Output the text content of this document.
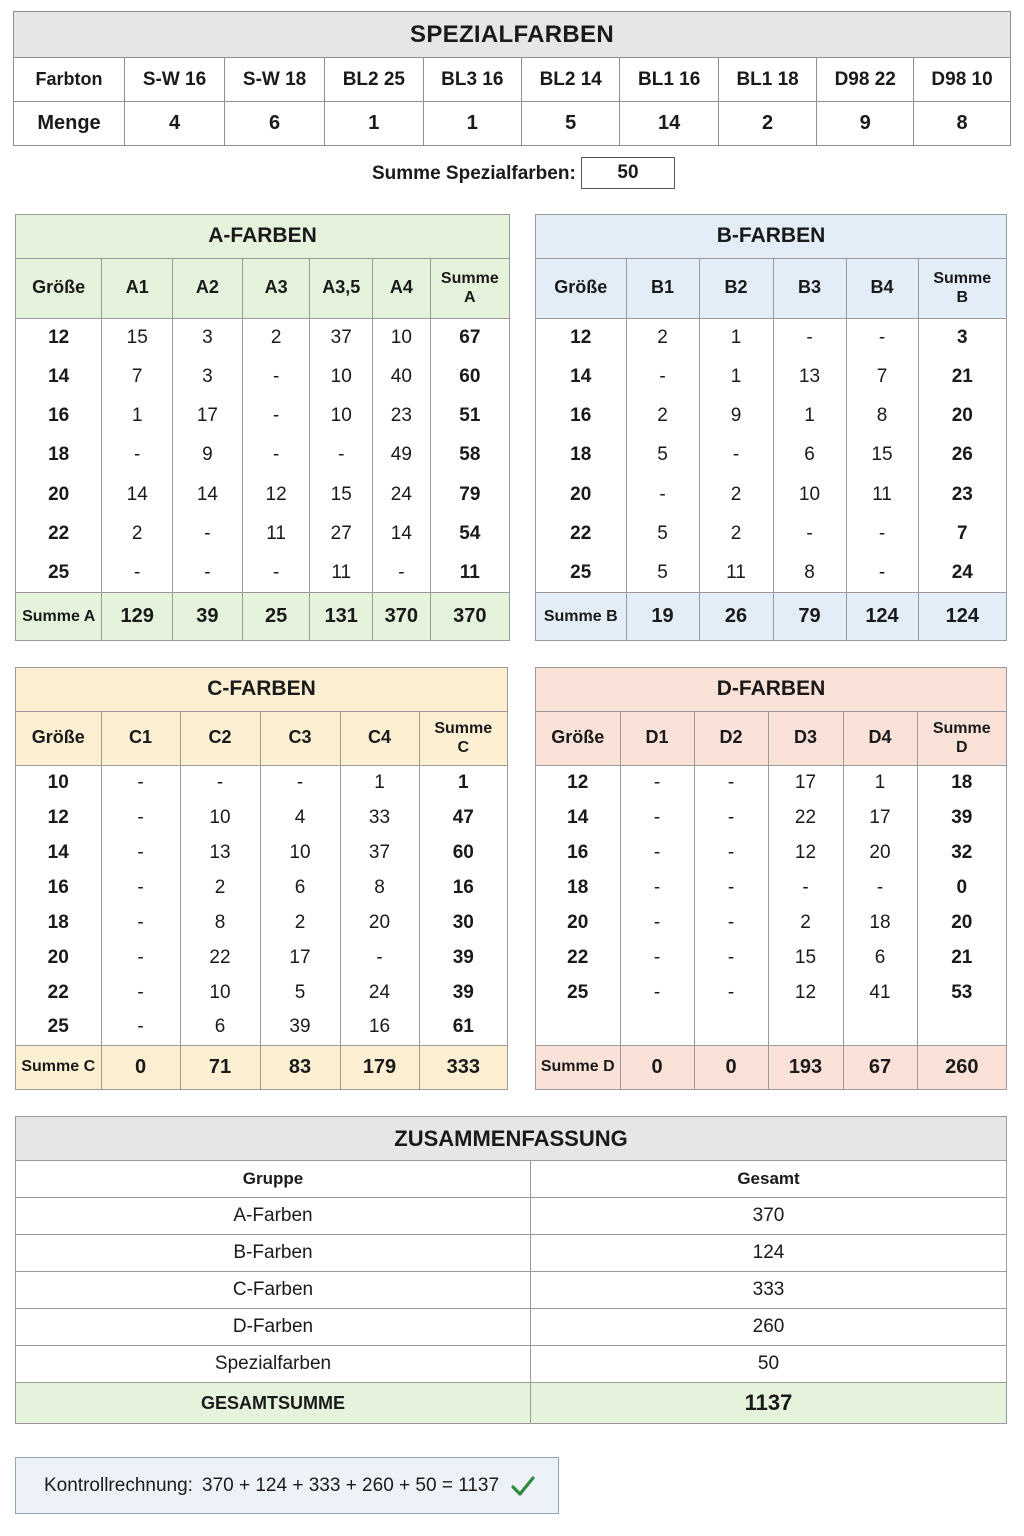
SPEZIALFARBEN									
Farbton	S-W 16	S-W 18	BL2 25	BL3 16	BL2 14	BL1 16	BL1 18	D98 22	D98 10
Menge	4	6	1	1	5	14	2	9	8
Summe Spezialfarben:	50
A-FARBEN						
Größe	A1	A2	A3	A3,5	A4	Summe
A
12	15	3	2	37	10	67
14	7	3	-	10	40	60
16	1	17	-	10	23	51
18	-	9	-	-	49	58
20	14	14	12	15	24	79
22	2	-	11	27	14	54
25	-	-	-	11	-	11
Summe A	129	39	25	131	370	370
B-FARBEN					
Größe	B1	B2	B3	B4	Summe
B
12	2	1	-	-	3
14	-	1	13	7	21
16	2	9	1	8	20
18	5	-	6	15	26
20	-	2	10	11	23
22	5	2	-	-	7
25	5	11	8	-	24
Summe B	19	26	79	124	124
C-FARBEN					
Größe	C1	C2	C3	C4	Summe
C
10	-	-	-	1	1
12	-	10	4	33	47
14	-	13	10	37	60
16	-	2	6	8	16
18	-	8	2	20	30
20	-	22	17	-	39
22	-	10	5	24	39
25	-	6	39	16	61
Summe C	0	71	83	179	333
D-FARBEN					
Größe	D1	D2	D3	D4	Summe
D
12	-	-	17	1	18
14	-	-	22	17	39
16	-	-	12	20	32
18	-	-	-	-	0
20	-	-	2	18	20
22	-	-	15	6	21
25	-	-	12	41	53

Summe D	0	0	193	67	260
ZUSAMMENFASSUNG	
Gruppe	Gesamt
A-Farben	370
B-Farben	124
C-Farben	333
D-Farben	260
Spezialfarben	50
GESAMTSUMME	1137
Kontrollrechnung: 370 + 124 + 333 + 260 + 50 = 1137
